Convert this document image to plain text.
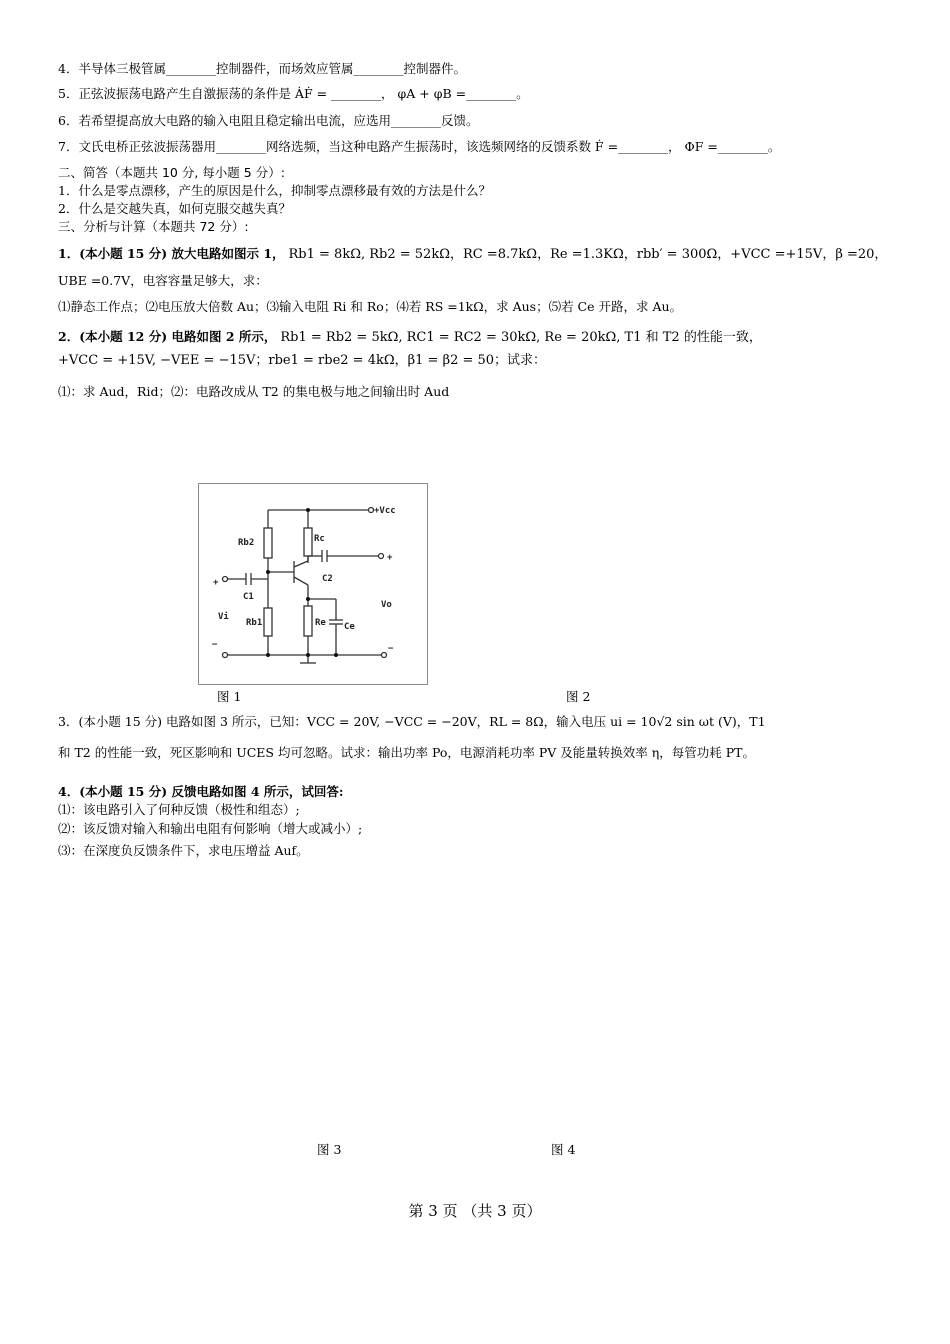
4．半导体三极管属________控制器件，而场效应管属________控制器件。
5．正弦波振荡电路产生自激振荡的条件是 ȦḞ = ________， φA + φB =________。
6．若希望提高放大电路的输入电阻且稳定输出电流，应选用________反馈。
7．文氏电桥正弦波振荡器用________网络选频，当这种电路产生振荡时，该选频网络的反馈系数 Ḟ =________， ΦF =________。
二、简答（本题共 10 分, 每小题 5 分）:
1．什么是零点漂移，产生的原因是什么，抑制零点漂移最有效的方法是什么？
2．什么是交越失真，如何克服交越失真？
三、分析与计算（本题共 72 分）:
1．(本小题 15 分) 放大电路如图示 1， Rb1 = 8kΩ, Rb2 = 52kΩ，RC =8.7kΩ，Re =1.3KΩ，rbb′ = 300Ω，+VCC =+15V，β =20，
UBE =0.7V，电容容量足够大，求：
⑴静态工作点；⑵电压放大倍数 Au；⑶输入电阻 Ri 和 Ro；⑷若 RS =1kΩ，求 Aus；⑸若 Ce 开路，求 Au。
2．(本小题 12 分) 电路如图 2 所示， Rb1 = Rb2 = 5kΩ, RC1 = RC2 = 30kΩ, Re = 20kΩ, T1 和 T2 的性能一致，
+VCC = +15V, −VEE = −15V；rbe1 = rbe2 = 4kΩ，β1 = β2 = 50；试求：
⑴：求 Aud，Rid；⑵：电路改成从 T2 的集电极与地之间输出时 Aud
+Vcc
Rb2	Rc
C2
C1
+
+
Vi
Vo
Rb1	Re Ce
−	−
图 1	图 2
3．(本小题 15 分) 电路如图 3 所示，已知：VCC = 20V, −VCC = −20V，RL = 8Ω，输入电压 ui = 10√2 sin ωt (V)，T1
和 T2 的性能一致，死区影响和 UCES 均可忽略。试求：输出功率 Po，电源消耗功率 PV 及能量转换效率 η，每管功耗 PT。
4．(本小题 15 分) 反馈电路如图 4 所示，试回答:
⑴：该电路引入了何种反馈（极性和组态）;
⑵：该反馈对输入和输出电阻有何影响（增大或减小）;
⑶：在深度负反馈条件下，求电压增益 Auf。
图 3	图 4
第 3 页 （共 3 页）
